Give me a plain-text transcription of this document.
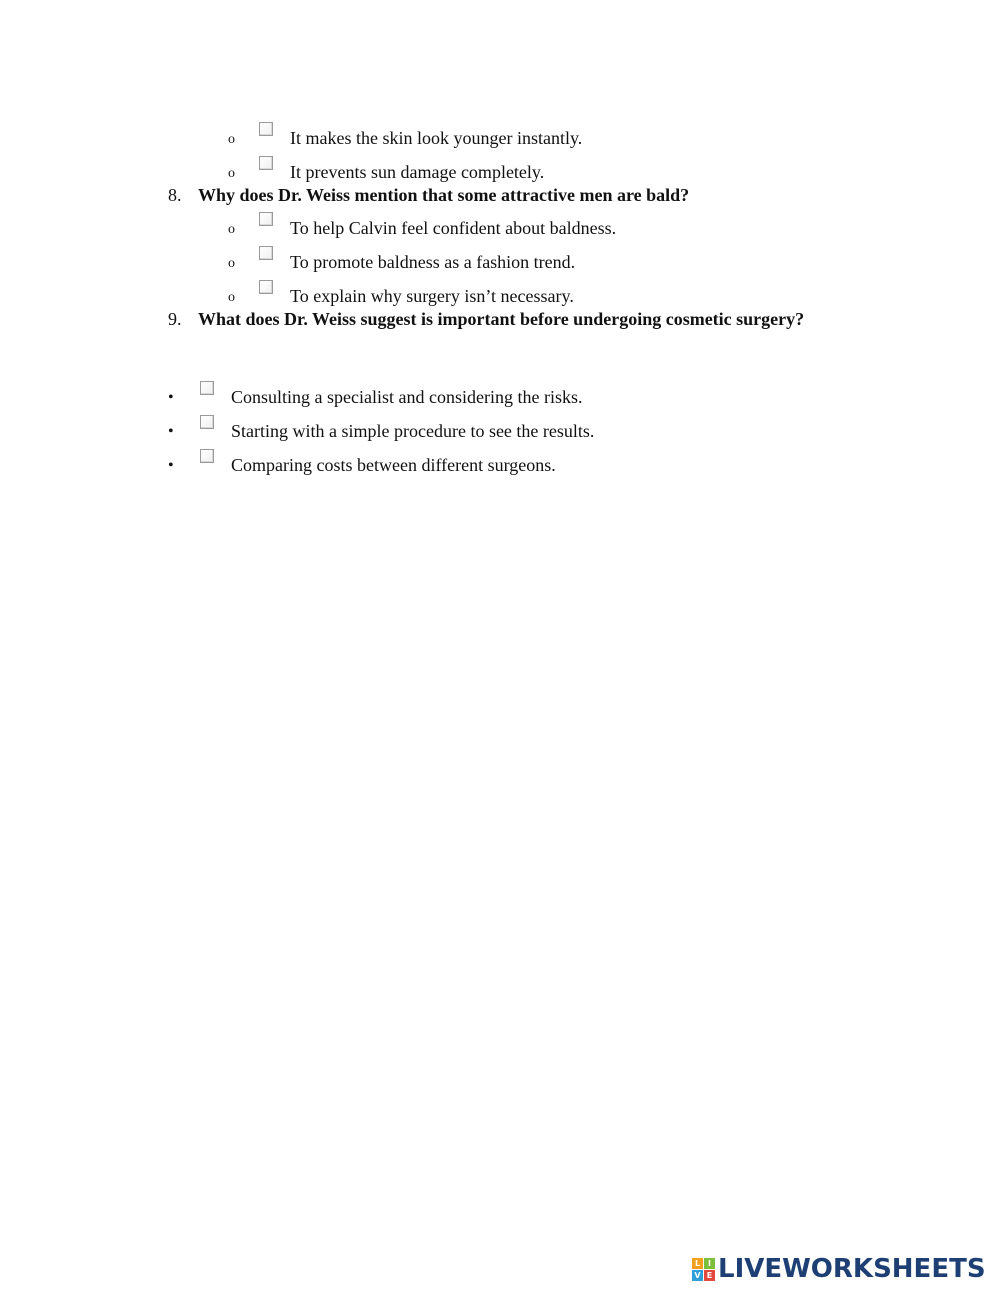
o	It makes the skin look younger instantly.
o	It prevents sun damage completely.
8. Why does Dr. Weiss mention that some attractive men are bald?
o	To help Calvin feel confident about baldness.
o	To promote baldness as a fashion trend.
o	To explain why surgery isn’t necessary.
9. What does Dr. Weiss suggest is important before undergoing cosmetic surgery?
•	Consulting a specialist and considering the risks.
•	Starting with a simple procedure to see the results.
•	Comparing costs between different surgeons.
L I
V E LIVEWORKSHEETS
